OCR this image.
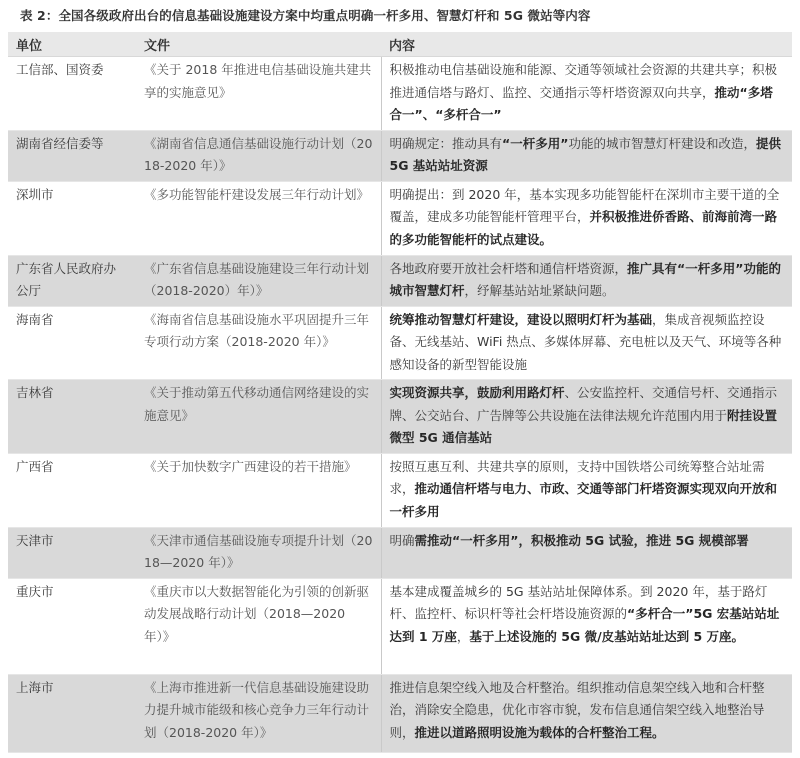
表 2：全国各级政府出台的信息基础设施建设方案中均重点明确一杆多用、智慧灯杆和 5G 微站等内容
单位	文件	内容
工信部、国资委	《关于 2018 年推进电信基础设施共建共享的实施意见》	积极推动电信基础设施和能源、交通等领域社会资源的共建共享；积极推进通信塔与路灯、监控、交通指示等杆塔资源双向共享，推动“多塔合一”、“多杆合一”
湖南省经信委等	《湖南省信息通信基础设施行动计划（2018-2020 年）》	明确规定：推动具有“一杆多用”功能的城市智慧灯杆建设和改造，提供 5G 基站站址资源
深圳市	《多功能智能杆建设发展三年行动计划》	明确提出：到 2020 年，基本实现多功能智能杆在深圳市主要干道的全覆盖，建成多功能智能杆管理平台，并积极推进侨香路、前海前湾一路的多功能智能杆的试点建设。
广东省人民政府办公厅	《广东省信息基础设施建设三年行动计划（2018-2020）年）》	各地政府要开放社会杆塔和通信杆塔资源，推广具有“一杆多用”功能的城市智慧灯杆，纾解基站站址紧缺问题。
海南省	《海南省信息基础设施水平巩固提升三年专项行动方案（2018-2020 年）》	统筹推动智慧灯杆建设，建设以照明灯杆为基础，集成音视频监控设备、无线基站、WiFi 热点、多媒体屏幕、充电桩以及天气、环境等各种感知设备的新型智能设施
吉林省	《关于推动第五代移动通信网络建设的实施意见》	实现资源共享，鼓励利用路灯杆、公安监控杆、交通信号杆、交通指示牌、公交站台、广告牌等公共设施在法律法规允许范围内用于附挂设置微型 5G 通信基站
广西省	《关于加快数字广西建设的若干措施》	按照互惠互利、共建共享的原则，支持中国铁塔公司统筹整合站址需求，推动通信杆塔与电力、市政、交通等部门杆塔资源实现双向开放和一杆多用
天津市	《天津市通信基础设施专项提升计划（2018—2020 年）》	明确需推动“一杆多用”，积极推动 5G 试验，推进 5G 规模部署
重庆市	《重庆市以大数据智能化为引领的创新驱动发展战略行动计划（2018—2020 年）》	基本建成覆盖城乡的 5G 基站站址保障体系。到 2020 年，基于路灯杆、监控杆、标识杆等社会杆塔设施资源的“多杆合一”5G 宏基站站址达到 1 万座，基于上述设施的 5G 微/皮基站站址达到 5 万座。
上海市	《上海市推进新一代信息基础设施建设助力提升城市能级和核心竞争力三年行动计划（2018-2020 年）》	推进信息架空线入地及合杆整治。组织推动信息架空线入地和合杆整治，消除安全隐患，优化市容市貌，发布信息通信架空线入地整治导则，推进以道路照明设施为载体的合杆整治工程。
